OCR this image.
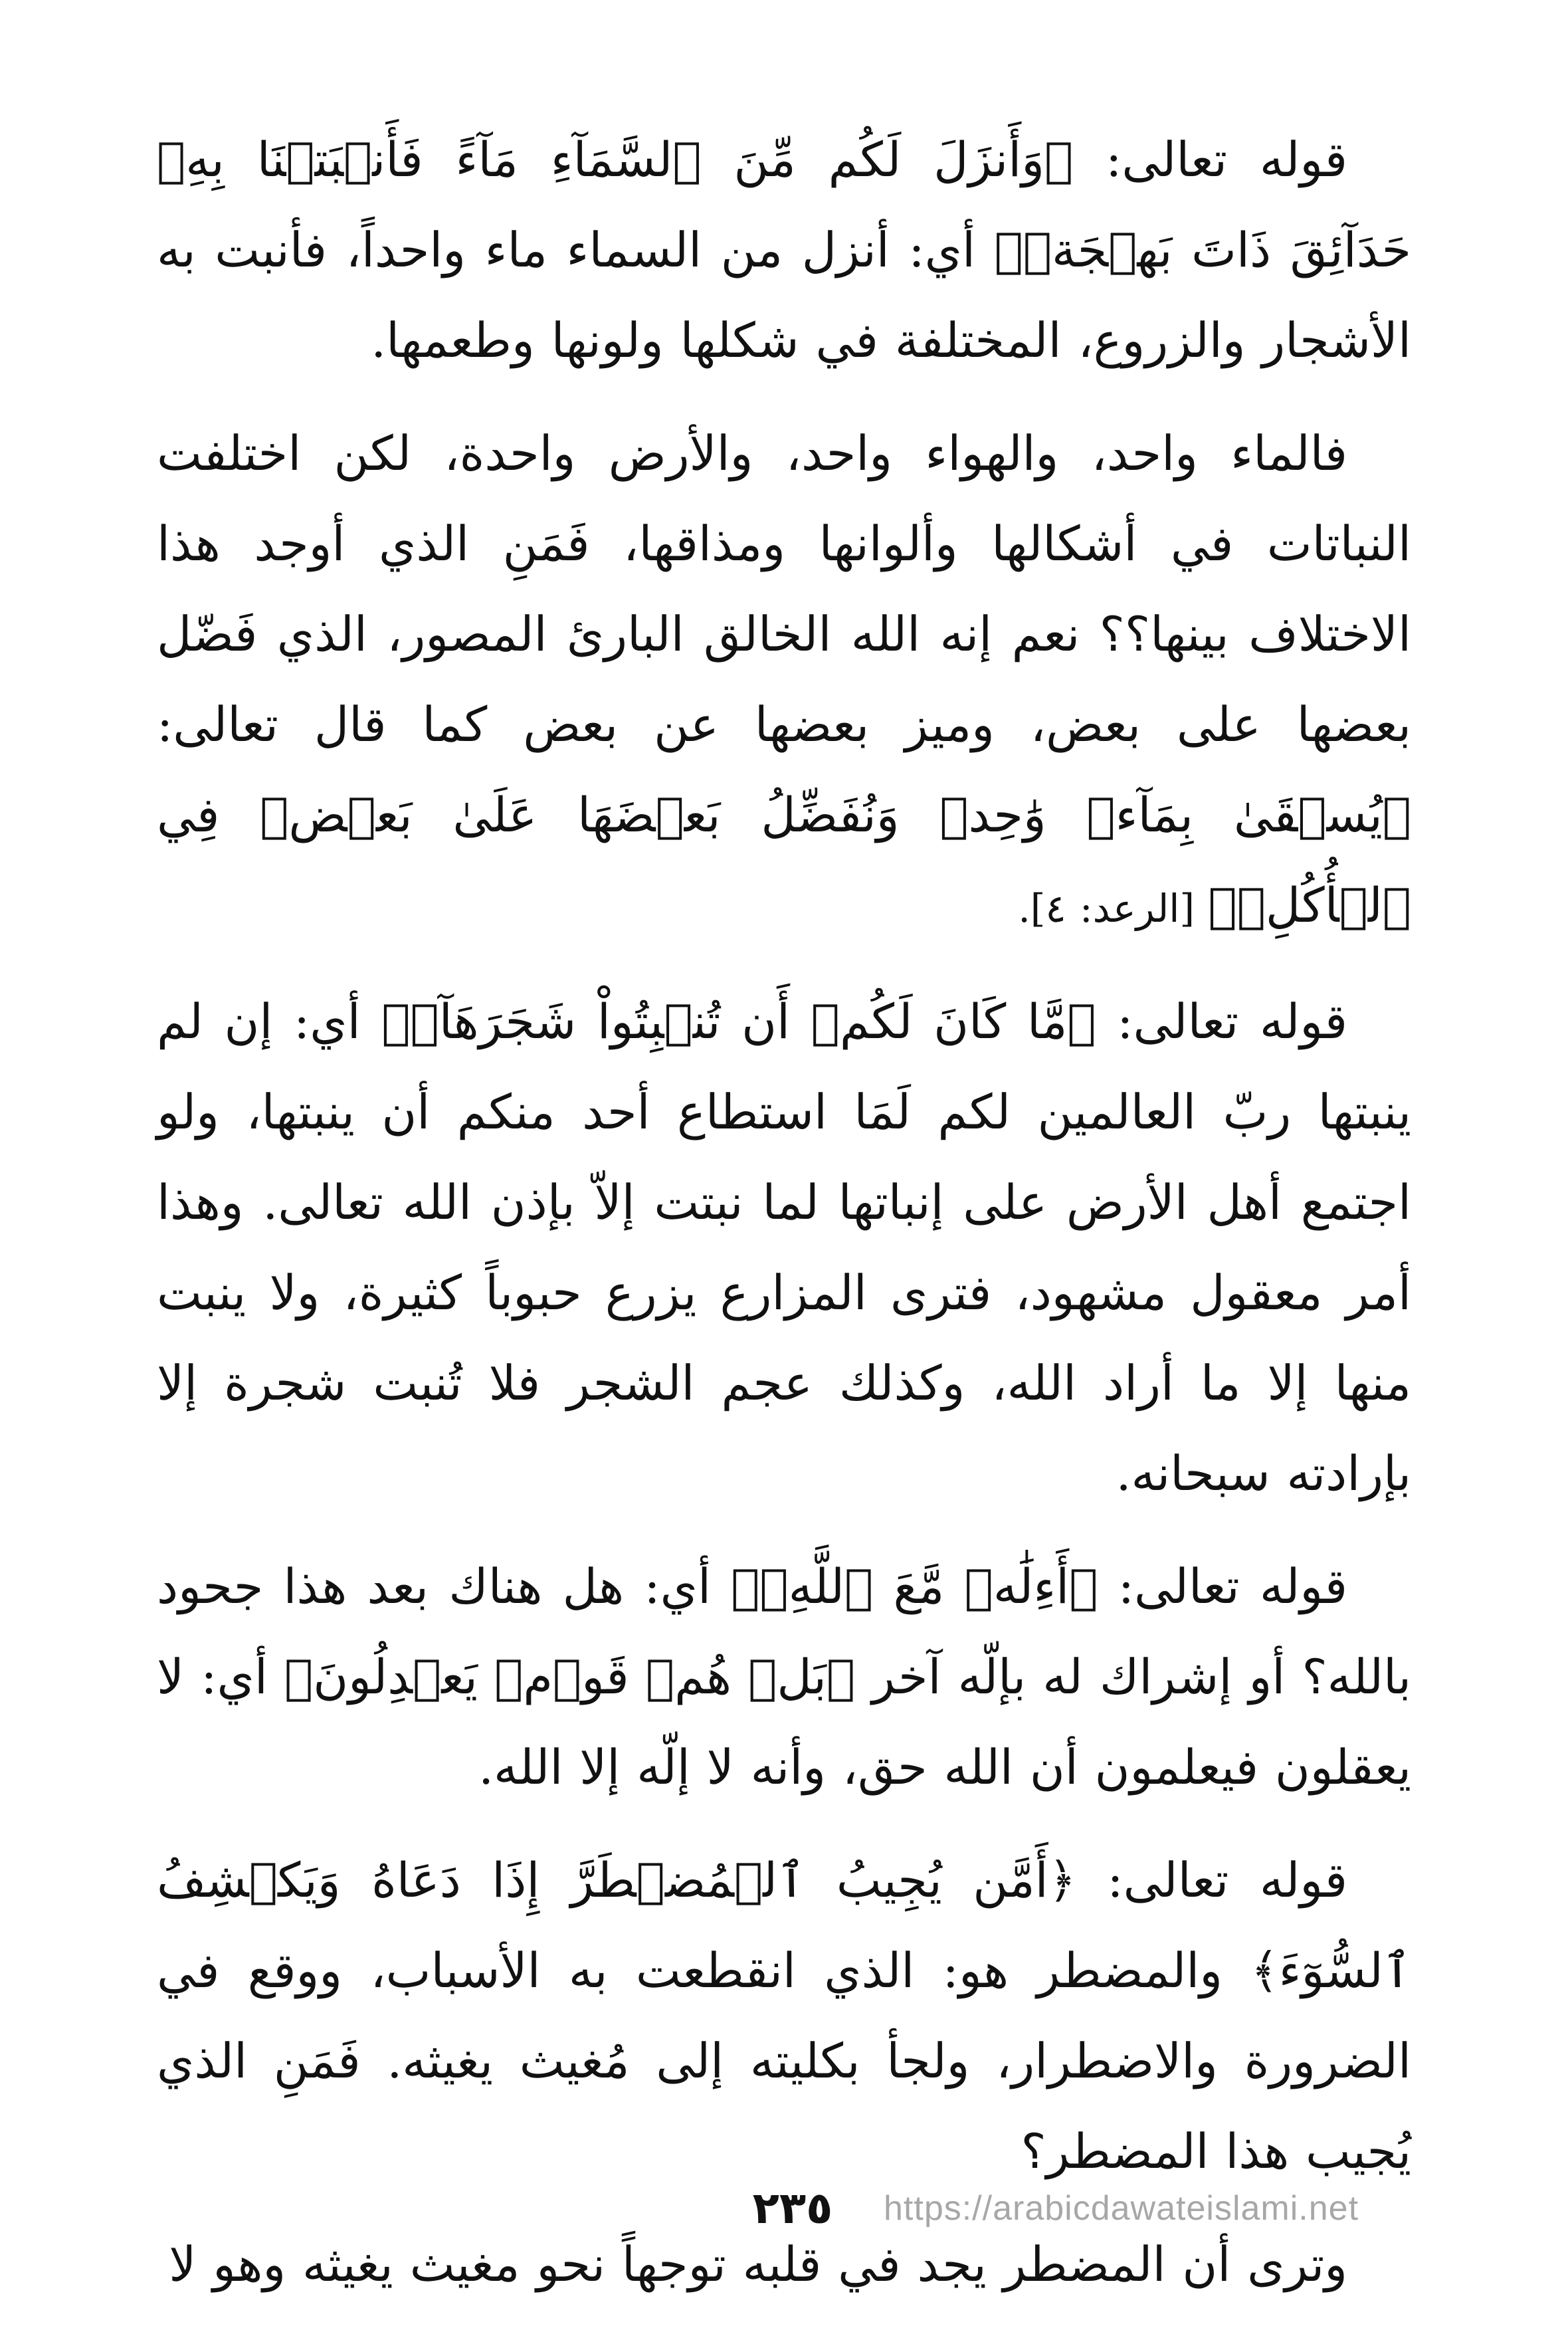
قوله تعالى: ﴿وَأَنزَلَ لَكُم مِّنَ ٱلسَّمَآءِ مَآءً فَأَنۢبَتۡنَا بِهِۦ حَدَآئِقَ ذَاتَ بَهۡجَةٖ﴾ أي: أنزل من السماء ماء واحداً، فأنبت به الأشجار والزروع، المختلفة في شكلها ولونها وطعمها.

فالماء واحد، والهواء واحد، والأرض واحدة، لكن اختلفت النباتات في أشكالها وألوانها ومذاقها، فَمَنِ الذي أوجد هذا الاختلاف بينها؟؟ نعم إنه الله الخالق البارئ المصور، الذي فَضّل بعضها على بعض، وميز بعضها عن بعض كما قال تعالى: ﴿يُسۡقَىٰ بِمَآءٖ وَٰحِدٖ وَنُفَضِّلُ بَعۡضَهَا عَلَىٰ بَعۡضٖ فِي ٱلۡأُكُلِۚ﴾ [الرعد: ٤].

قوله تعالى: ﴿مَّا كَانَ لَكُمۡ أَن تُنۢبِتُواْ شَجَرَهَآۗ﴾ أي: إن لم ينبتها ربّ العالمين لكم لَمَا استطاع أحد منكم أن ينبتها، ولو اجتمع أهل الأرض على إنباتها لما نبتت إلاّ بإذن الله تعالى. وهذا أمر معقول مشهود، فترى المزارع يزرع حبوباً كثيرة، ولا ينبت منها إلا ما أراد الله، وكذلك عجم الشجر فلا تُنبت شجرة إلا بإرادته سبحانه.

قوله تعالى: ﴿أَءِلَٰهٞ مَّعَ ٱللَّهِۚ﴾ أي: هل هناك بعد هذا جحود بالله؟ أو إشراك له بإلّه آخر ﴿بَلۡ هُمۡ قَوۡمٞ يَعۡدِلُونَ﴾ أي: لا يعقلون فيعلمون أن الله حق، وأنه لا إلّه إلا الله.

قوله تعالى: ﴿أَمَّن يُجِيبُ ٱلۡمُضۡطَرَّ إِذَا دَعَاهُ وَيَكۡشِفُ ٱلسُّوٓءَ﴾ والمضطر هو: الذي انقطعت به الأسباب، ووقع في الضرورة والاضطرار، ولجأ بكليته إلى مُغيث يغيثه. فَمَنِ الذي يُجيب هذا المضطر؟

وترى أن المضطر يجد في قلبه توجهاً نحو مغيث يغيثه وهو لا

٢٣٥	https://arabicdawateislami.net
